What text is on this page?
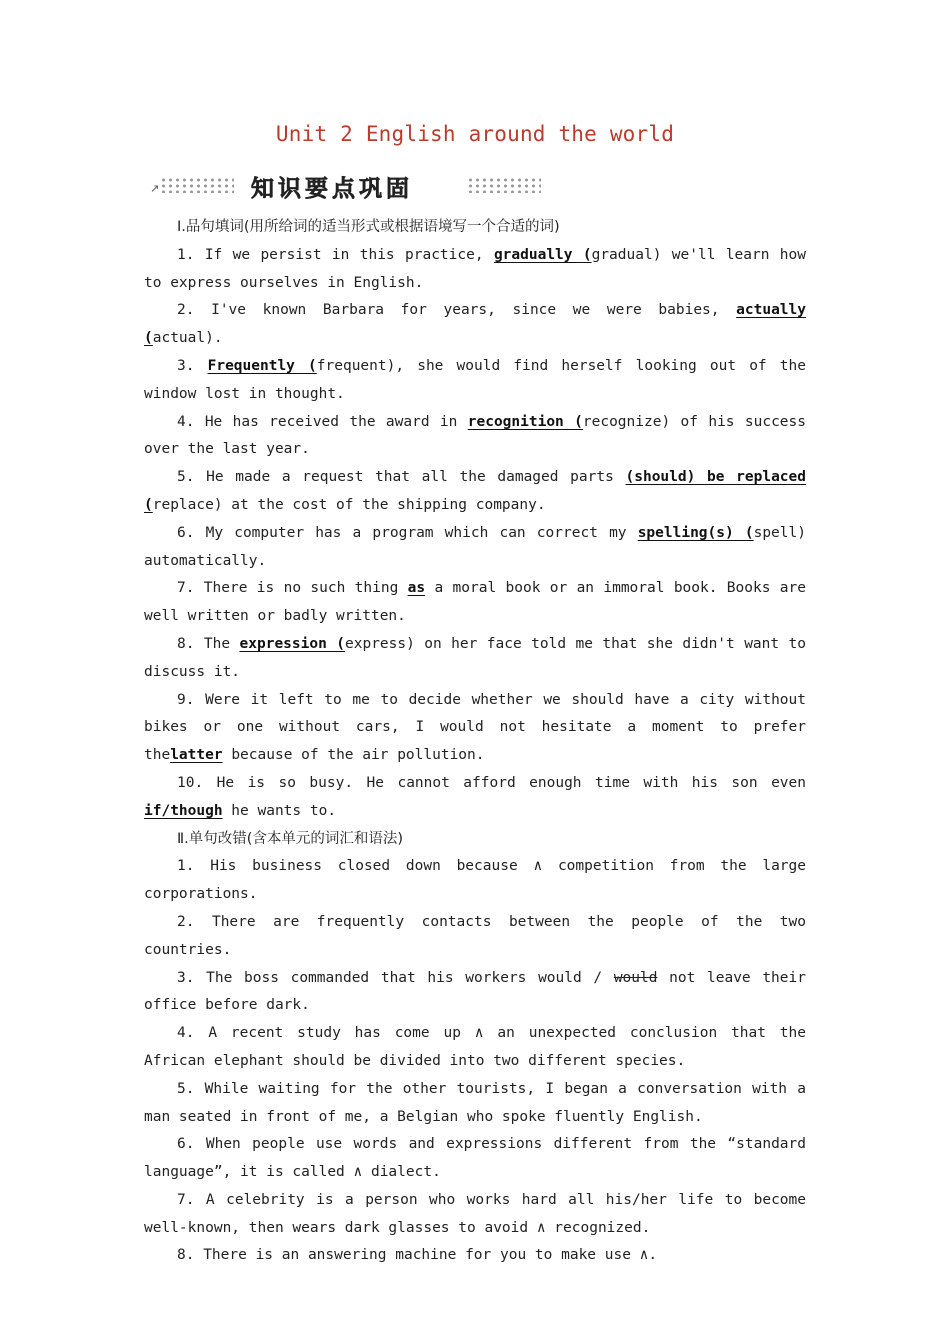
Unit 2 English around the world
↗	知识要点巩固

Ⅰ.品句填词(用所给词的适当形式或根据语境写一个合适的词)

1. If we persist in this practice, gradually (gradual) we'll learn how to express ourselves in English.

2. I've known Barbara for years, since we were babies, actually (actual).

3. Frequently (frequent), she would find herself looking out of the window lost in thought.

4. He has received the award in recognition (recognize) of his success over the last year.

5. He made a request that all the damaged parts (should) be replaced (replace) at the cost of the shipping company.

6. My computer has a program which can correct my spelling(s) (spell) automatically.

7. There is no such thing as a moral book or an immoral book. Books are well written or badly written.

8. The expression (express) on her face told me that she didn't want to discuss it.

9. Were it left to me to decide whether we should have a city without bikes or one without cars, I would not hesitate a moment to prefer thelatter because of the air pollution.

10. He is so busy. He cannot afford enough time with his son even if/though he wants to.

Ⅱ.单句改错(含本单元的词汇和语法)

1. His business closed down because ∧ competition from the large corporations.

2. There are frequently contacts between the people of the two countries.

3. The boss commanded that his workers would / would not leave their office before dark.

4. A recent study has come up ∧ an unexpected conclusion that the African elephant should be divided into two different species.

5. While waiting for the other tourists, I began a conversation with a man seated in front of me, a Belgian who spoke fluently English.

6. When people use words and expressions different from the “standard language”, it is called ∧ dialect.

7. A celebrity is a person who works hard all his/her life to become well-known, then wears dark glasses to avoid ∧ recognized.

8. There is an answering machine for you to make use ∧.
